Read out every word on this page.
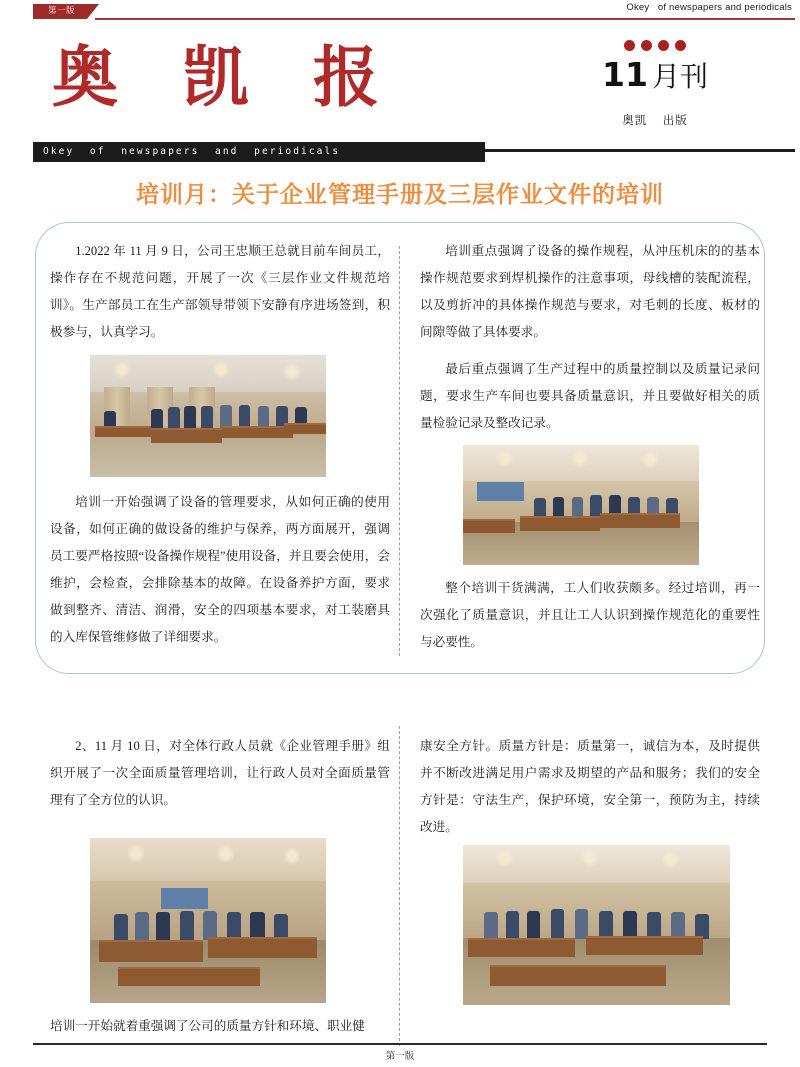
第一版	Okey   of newspapers and periodicals
奥 凯 报
Okey  of  newspapers  and  periodicals
11 月刊
奥凯    出版
培训月：关于企业管理手册及三层作业文件的培训

1.2022 年 11 月 9 日，公司王忠顺王总就目前车间员工，操作存在不规范问题，开展了一次《三层作业文件规范培训》。生产部员工在生产部领导带领下安静有序进场签到，积极参与，认真学习。

培训一开始强调了设备的管理要求，从如何正确的使用设备，如何正确的做设备的维护与保养，两方面展开，强调员工要严格按照“设备操作规程”使用设备，并且要会使用，会维护，会检查，会排除基本的故障。在设备养护方面，要求做到整齐、清洁、润滑，安全的四项基本要求，对工装磨具的入库保管维修做了详细要求。

培训重点强调了设备的操作规程，从冲压机床的的基本操作规范要求到焊机操作的注意事项，母线槽的装配流程，以及剪折冲的具体操作规范与要求，对毛刺的长度、板材的间隙等做了具体要求。

最后重点强调了生产过程中的质量控制以及质量记录问题，要求生产车间也要具备质量意识，并且要做好相关的质量检验记录及整改记录。

整个培训干货满满，工人们收获颇多。经过培训，再一次强化了质量意识，并且让工人认识到操作规范化的重要性与必要性。

2、11 月 10 日，对全体行政人员就《企业管理手册》组织开展了一次全面质量管理培训，让行政人员对全面质量管理有了全方位的认识。

康安全方针。质量方针是：质量第一，诚信为本，及时提供并不断改进满足用户需求及期望的产品和服务；我们的安全方针是：守法生产，保护环境，安全第一，预防为主，持续改进。

培训一开始就着重强调了公司的质量方针和环境、职业健

第一版
